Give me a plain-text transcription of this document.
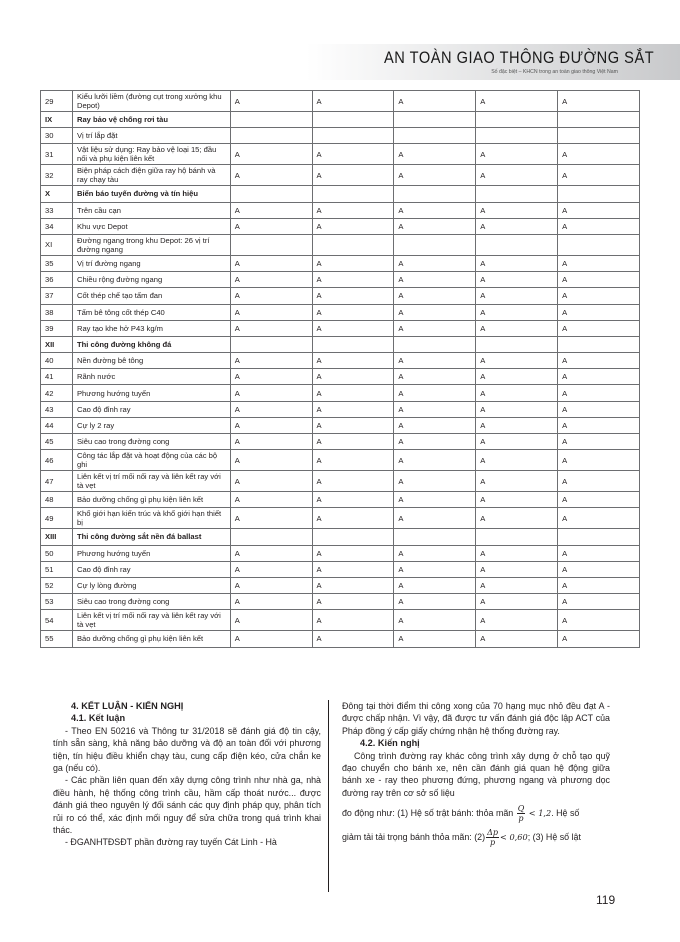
AN TOÀN GIAO THÔNG ĐƯỜNG SẮT
Số đặc biệt – KHCN trong an toàn giao thông Việt Nam
29	Kiểu lưỡi liềm (đường cụt trong xưởng khu Depot)	A	A	A	A	A
IX	Ray bảo vệ chống rơi tàu					
30	Vị trí lắp đặt					
31	Vật liệu sử dụng: Ray bảo vệ loại 15; đầu nối và phụ kiện liên kết	A	A	A	A	A
32	Biện pháp cách điện giữa ray hộ bánh và ray chạy tàu	A	A	A	A	A
X	Biển báo tuyến đường và tín hiệu					
33	Trên cầu cạn	A	A	A	A	A
34	Khu vực Depot	A	A	A	A	A
XI	Đường ngang trong khu Depot: 26 vị trí đường ngang					
35	Vị trí đường ngang	A	A	A	A	A
36	Chiều rộng đường ngang	A	A	A	A	A
37	Cốt thép chế tạo tấm đan	A	A	A	A	A
38	Tấm bê tông cốt thép C40	A	A	A	A	A
39	Ray tạo khe hở P43 kg/m	A	A	A	A	A
XII	Thi công đường không đá					
40	Nền đường bê tông	A	A	A	A	A
41	Rãnh nước	A	A	A	A	A
42	Phương hướng tuyến	A	A	A	A	A
43	Cao độ đỉnh ray	A	A	A	A	A
44	Cự ly 2 ray	A	A	A	A	A
45	Siêu cao trong đường cong	A	A	A	A	A
46	Công tác lắp đặt và hoạt động của các bộ ghi	A	A	A	A	A
47	Liên kết vị trí mối nối ray và liên kết ray với tà vẹt	A	A	A	A	A
48	Bảo dưỡng chống gỉ phụ kiện liên kết	A	A	A	A	A
49	Khổ giới hạn kiến trúc và khổ giới hạn thiết bị	A	A	A	A	A
XIII	Thi công đường sắt nền đá ballast					
50	Phương hướng tuyến	A	A	A	A	A
51	Cao độ đỉnh ray	A	A	A	A	A
52	Cự ly lòng đường	A	A	A	A	A
53	Siêu cao trong đường cong	A	A	A	A	A
54	Liên kết vị trí mối nối ray và liên kết ray với tà vẹt	A	A	A	A	A
55	Bảo dưỡng chống gỉ phụ kiện liên kết	A	A	A	A	A
4. KẾT LUẬN - KIẾN NGHỊ
4.1. Kết luận
- Theo EN 50216 và Thông tư 31/2018 sẽ đánh giá độ tin cậy, tính sẵn sàng, khả năng bảo dưỡng và độ an toàn đối với phương tiện, tín hiệu điều khiển chạy tàu, cung cấp điện kéo, cửa chắn ke ga (nếu có).
- Các phần liên quan đến xây dựng công trình như nhà ga, nhà điều hành, hệ thống công trình cầu, hầm cấp thoát nước... được đánh giá theo nguyên lý đối sánh các quy định pháp quy, phân tích rủi ro có thể, xác định mối nguy để sửa chữa trong quá trình khai thác.
- ĐGANHTĐSĐT phần đường ray tuyến Cát Linh - Hà
Đông tại thời điểm thi công xong của 70 hạng mục nhỏ đều đạt A - được chấp nhận. Vì vậy, đã được tư vấn đánh giá độc lập ACT của Pháp đồng ý cấp giấy chứng nhận hệ thống đường ray.
4.2. Kiến nghị
Công trình đường ray khác công trình xây dựng ở chỗ tạo quỹ đạo chuyển cho bánh xe, nên cần đánh giá quan hệ động giữa bánh xe - ray theo phương đứng, phương ngang và phương dọc đường ray trên cơ sở số liệu
đo động như: (1) Hệ số trật bánh: thỏa mãn $\frac{Q}{p} < 1,2$. Hệ số
giảm tải tải trọng bánh thỏa mãn: $(2) \frac{\Delta p}{p} < 0,60$; (3) Hệ số lật
119
